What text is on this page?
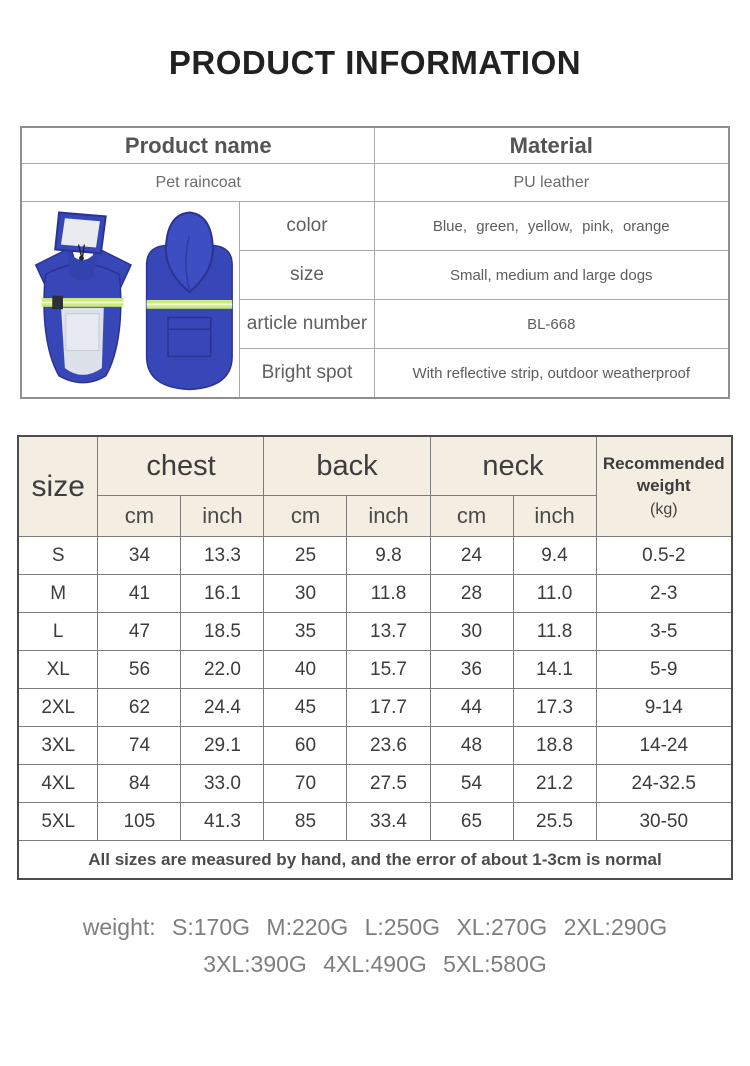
PRODUCT INFORMATION
Product name		Material
Pet raincoat		PU leather

	color	Blue, green, yellow, pink, orange
	size	Small, medium and large dogs
	article number	BL-668
	Bright spot	With reflective strip, outdoor weatherproof
size	chest		back		neck		Recommended
weight
(kg)

	cm	inch	cm	inch	cm	inch	
S	34	13.3	25	9.8	24	9.4	0.5-2
M	41	16.1	30	11.8	28	11.0	2-3
L	47	18.5	35	13.7	30	11.8	3-5
XL	56	22.0	40	15.7	36	14.1	5-9
2XL	62	24.4	45	17.7	44	17.3	9-14
3XL	74	29.1	60	23.6	48	18.8	14-24
4XL	84	33.0	70	27.5	54	21.2	24-32.5
5XL	105	41.3	85	33.4	65	25.5	30-50
All sizes are measured by hand, and the error of about 1-3cm is normal							
weight: S:170G M:220G L:250G XL:270G 2XL:290G
3XL:390G 4XL:490G 5XL:580G
